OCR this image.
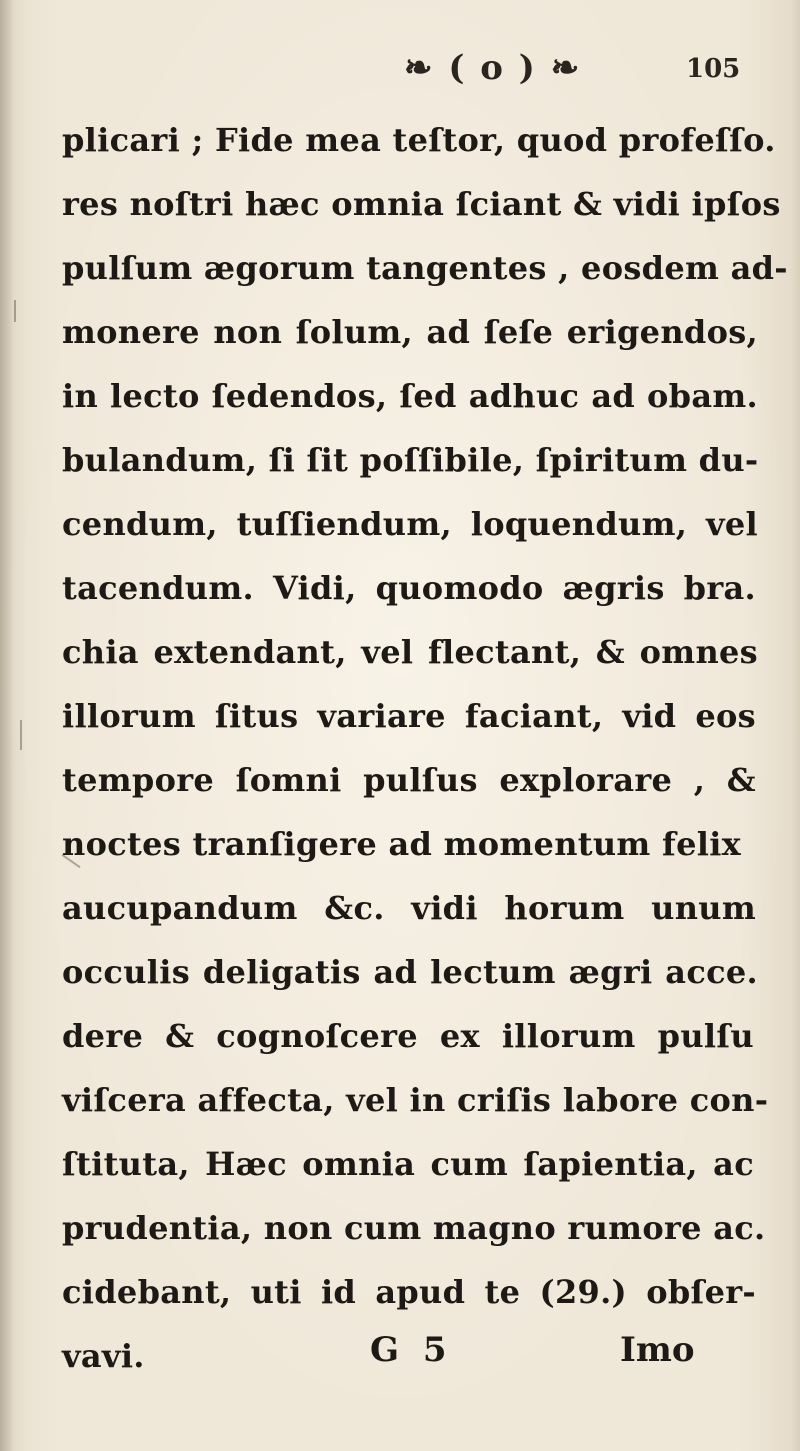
❧ ( o ) ❧	105
plicari ; Fide mea teſtor, quod profeſſo.
res noſtri hæc omnia ſciant & vidi ipſos
pulſum ægorum tangentes , eosdem ad-
monere non ſolum, ad ſeſe erigendos,
in lecto ſedendos, ſed adhuc ad obam.
bulandum, ſi ſit poſſibile, ſpiritum du-
cendum, tuſſiendum, loquendum, vel
tacendum. Vidi, quomodo ægris bra.
chia extendant, vel flectant, & omnes
illorum ſitus variare faciant, vid eos
tempore ſomni pulſus explorare , &
noctes tranſigere ad momentum felix
aucupandum &c. vidi horum unum
occulis deligatis ad lectum ægri acce.
dere & cognoſcere ex illorum pulſu
viſcera affecta, vel in criſis labore con-
ſtituta, Hæc omnia cum ſapientia, ac
prudentia, non cum magno rumore ac.
cidebant, uti id apud te (29.) obſer-
vavi.	G 5	Imo
